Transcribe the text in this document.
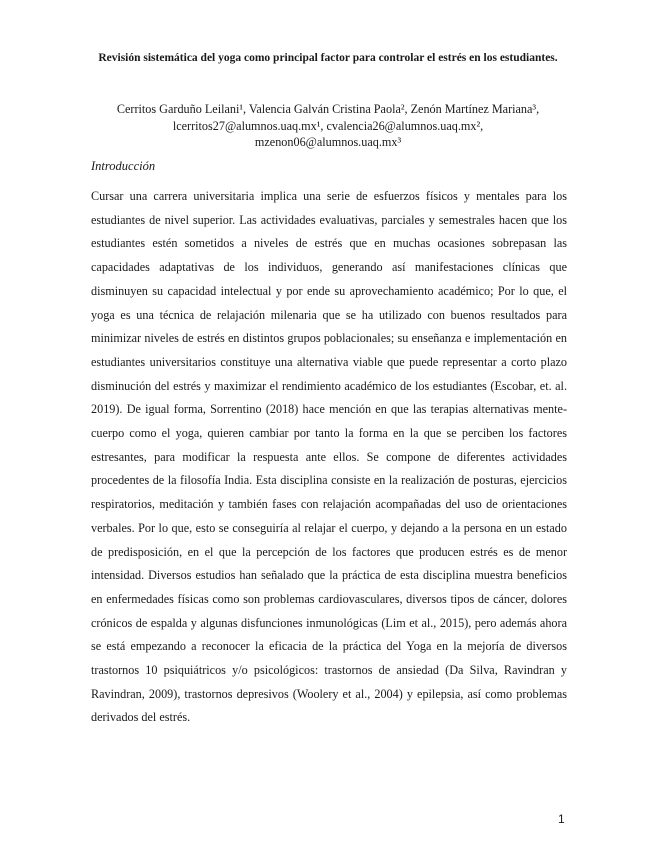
Revisión sistemática del yoga como principal factor para controlar el estrés en los estudiantes.
Cerritos Garduño Leilani¹, Valencia Galván Cristina Paola², Zenón Martínez Mariana³,
lcerritos27@alumnos.uaq.mx¹, cvalencia26@alumnos.uaq.mx²,
mzenon06@alumnos.uaq.mx³
Introducción

Cursar una carrera universitaria implica una serie de esfuerzos físicos y mentales para los estudiantes de nivel superior. Las actividades evaluativas, parciales y semestrales hacen que los estudiantes estén sometidos a niveles de estrés que en muchas ocasiones sobrepasan las capacidades adaptativas de los individuos, generando así manifestaciones clínicas que disminuyen su capacidad intelectual y por ende su aprovechamiento académico; Por lo que, el yoga es una técnica de relajación milenaria que se ha utilizado con buenos resultados para minimizar niveles de estrés en distintos grupos poblacionales; su enseñanza e implementación en estudiantes universitarios constituye una alternativa viable que puede representar a corto plazo disminución del estrés y maximizar el rendimiento académico de los estudiantes (Escobar, et. al. 2019). De igual forma, Sorrentino (2018) hace mención en que las terapias alternativas mente-cuerpo como el yoga, quieren cambiar por tanto la forma en la que se perciben los factores estresantes, para modificar la respuesta ante ellos. Se compone de diferentes actividades procedentes de la filosofía India. Esta disciplina consiste en la realización de posturas, ejercicios respiratorios, meditación y también fases con relajación acompañadas del uso de orientaciones verbales. Por lo que, esto se conseguiría al relajar el cuerpo, y dejando a la persona en un estado de predisposición, en el que la percepción de los factores que producen estrés es de menor intensidad. Diversos estudios han señalado que la práctica de esta disciplina muestra beneficios en enfermedades físicas como son problemas cardiovasculares, diversos tipos de cáncer, dolores crónicos de espalda y algunas disfunciones inmunológicas (Lim et al., 2015), pero además ahora se está empezando a reconocer la eficacia de la práctica del Yoga en la mejoría de diversos trastornos 10 psiquiátricos y/o psicológicos: trastornos de ansiedad (Da Silva, Ravindran y Ravindran, 2009), trastornos depresivos (Woolery et al., 2004) y epilepsia, así como problemas derivados del estrés.

1
